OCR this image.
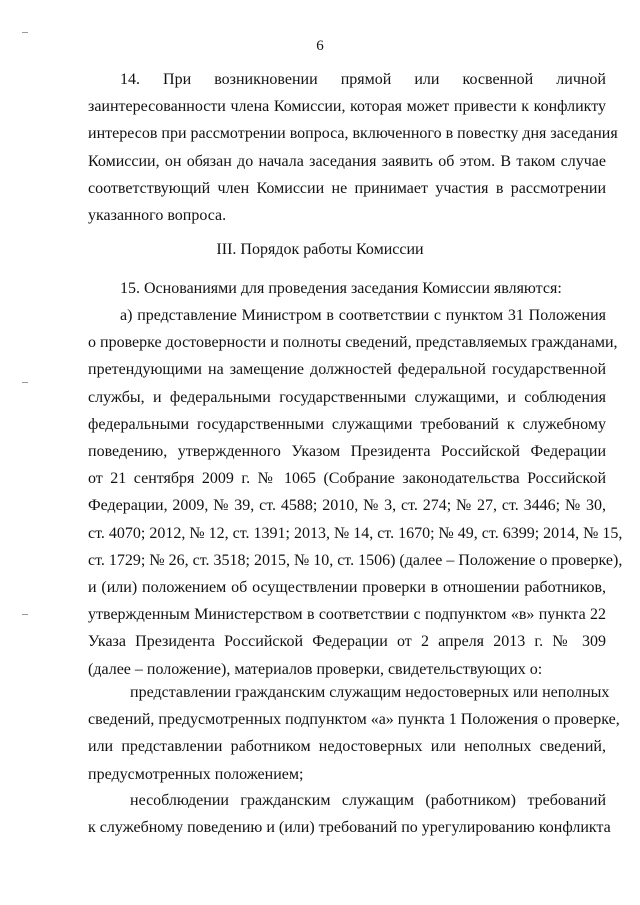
6
14. При возникновении прямой или косвенной личной
заинтересованности члена Комиссии, которая может привести к конфликту
интересов при рассмотрении вопроса, включенного в повестку дня заседания
Комиссии, он обязан до начала заседания заявить об этом. В таком случае
соответствующий член Комиссии не принимает участия в рассмотрении
указанного вопроса.
III. Порядок работы Комиссии
15. Основаниями для проведения заседания Комиссии являются:
а) представление Министром в соответствии с пунктом 31 Положения
о проверке достоверности и полноты сведений, представляемых гражданами,
претендующими на замещение должностей федеральной государственной
службы, и федеральными государственными служащими, и соблюдения
федеральными государственными служащими требований к служебному
поведению, утвержденного Указом Президента Российской Федерации
от 21 сентября 2009 г. № 1065 (Собрание законодательства Российской
Федерации, 2009, № 39, ст. 4588; 2010, № 3, ст. 274; № 27, ст. 3446; № 30,
ст. 4070; 2012, № 12, ст. 1391; 2013, № 14, ст. 1670; № 49, ст. 6399; 2014, № 15,
ст. 1729; № 26, ст. 3518; 2015, № 10, ст. 1506) (далее – Положение о проверке),
и (или) положением об осуществлении проверки в отношении работников,
утвержденным Министерством в соответствии с подпунктом «в» пункта 22
Указа Президента Российской Федерации от 2 апреля 2013 г. № 309
(далее – положение), материалов проверки, свидетельствующих о:
представлении гражданским служащим недостоверных или неполных
сведений, предусмотренных подпунктом «а» пункта 1 Положения о проверке,
или представлении работником недостоверных или неполных сведений,
предусмотренных положением;
несоблюдении гражданским служащим (работником) требований
к служебному поведению и (или) требований по урегулированию конфликта
